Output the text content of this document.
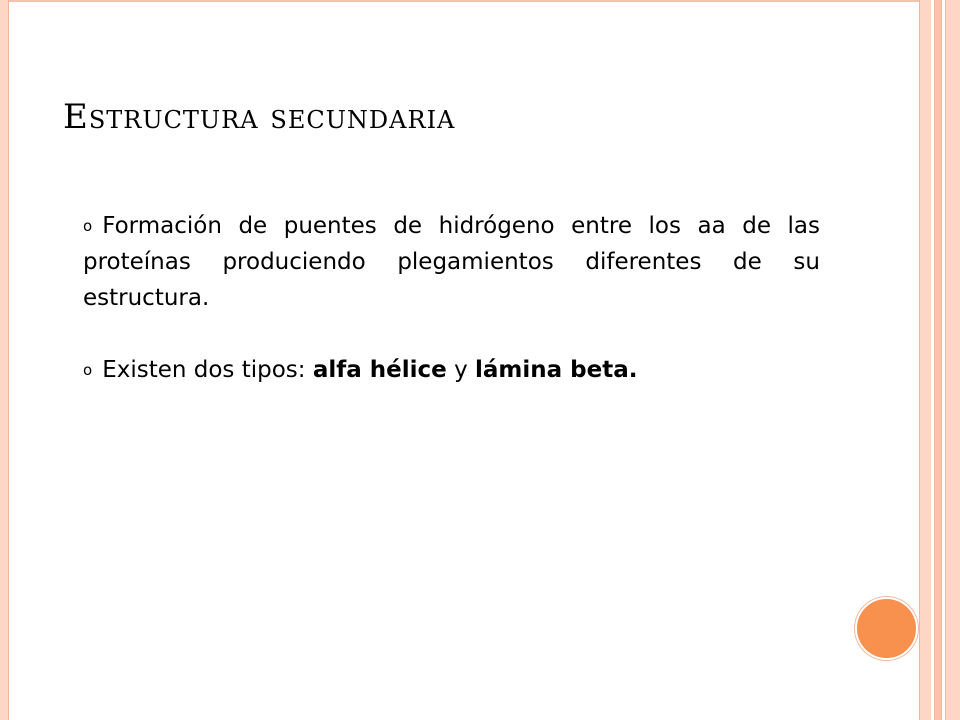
Estructura secundaria
o Formación de puentes de hidrógeno entre los aa de las proteínas produciendo plegamientos diferentes de su estructura.
o Existen dos tipos: alfa hélice y lámina beta.
